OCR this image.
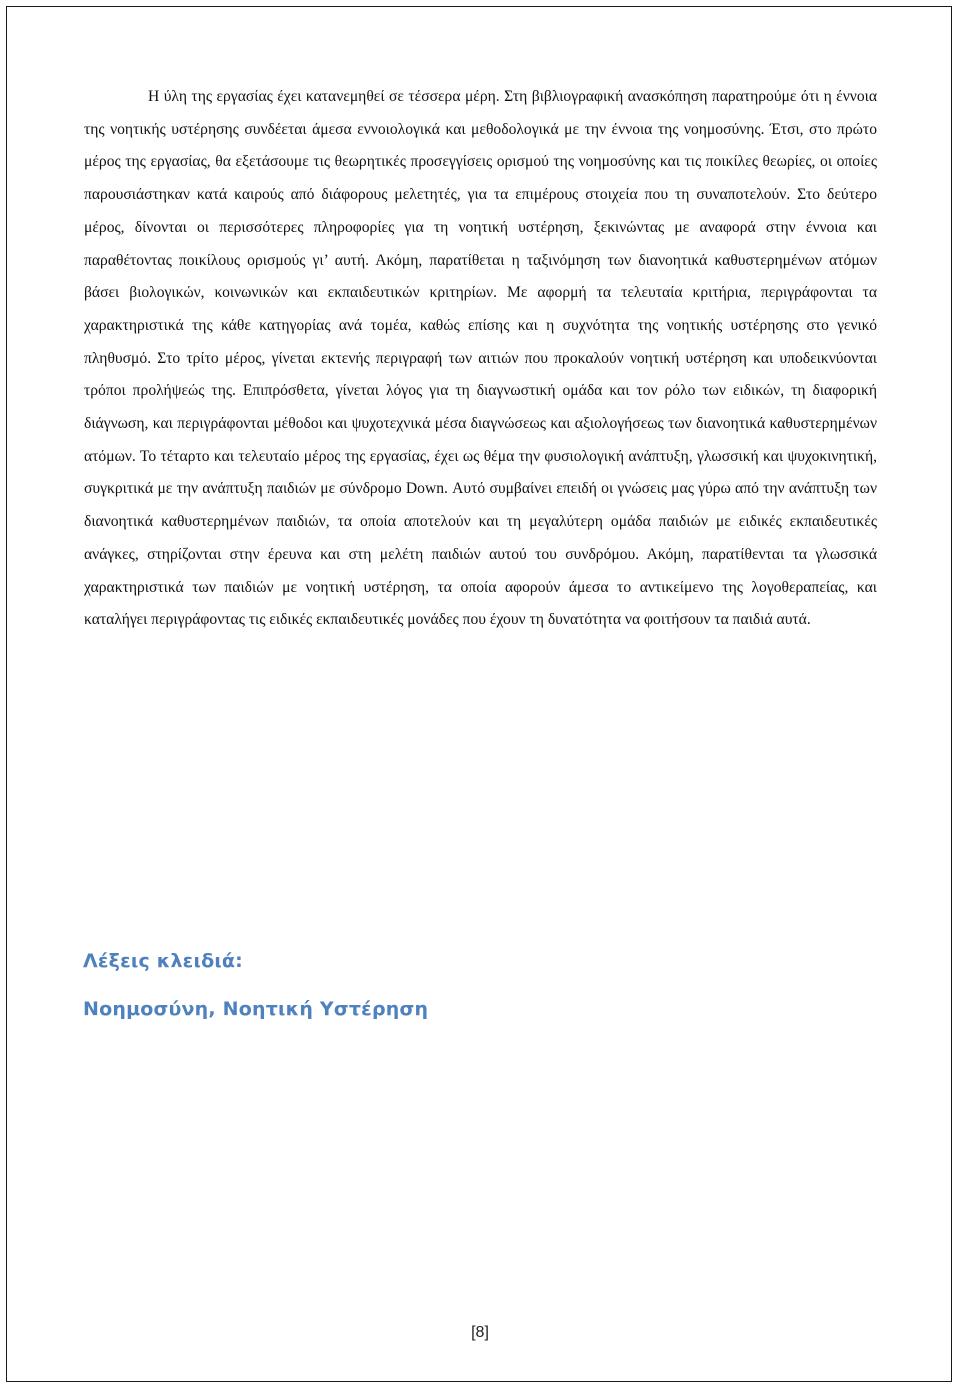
Η ύλη της εργασίας έχει κατανεμηθεί σε τέσσερα μέρη. Στη βιβλιογραφική ανασκόπηση παρατηρούμε ότι η έννοια της νοητικής υστέρησης συνδέεται άμεσα εννοιολογικά και μεθοδολογικά με την έννοια της νοημοσύνης. Έτσι, στο πρώτο μέρος της εργασίας, θα εξετάσουμε τις θεωρητικές προσεγγίσεις ορισμού της νοημοσύνης και τις ποικίλες θεωρίες, οι οποίες παρουσιάστηκαν κατά καιρούς από διάφορους μελετητές, για τα επιμέρους στοιχεία που τη συναποτελούν. Στο δεύτερο μέρος, δίνονται οι περισσότερες πληροφορίες για τη νοητική υστέρηση, ξεκινώντας με αναφορά στην έννοια και παραθέτοντας ποικίλους ορισμούς γι’ αυτή. Ακόμη, παρατίθεται η ταξινόμηση των διανοητικά καθυστερημένων ατόμων βάσει βιολογικών, κοινωνικών και εκπαιδευτικών κριτηρίων. Με αφορμή τα τελευταία κριτήρια, περιγράφονται τα χαρακτηριστικά της κάθε κατηγορίας ανά τομέα, καθώς επίσης και η συχνότητα της νοητικής υστέρησης στο γενικό πληθυσμό. Στο τρίτο μέρος, γίνεται εκτενής περιγραφή των αιτιών που προκαλούν νοητική υστέρηση και υποδεικνύονται τρόποι προλήψεώς της. Επιπρόσθετα, γίνεται λόγος για τη διαγνωστική ομάδα και τον ρόλο των ειδικών, τη διαφορική διάγνωση, και περιγράφονται μέθοδοι και ψυχοτεχνικά μέσα διαγνώσεως και αξιολογήσεως των διανοητικά καθυστερημένων ατόμων. Το τέταρτο και τελευταίο μέρος της εργασίας, έχει ως θέμα την φυσιολογική ανάπτυξη, γλωσσική και ψυχοκινητική, συγκριτικά με την ανάπτυξη παιδιών με σύνδρομο Down. Αυτό συμβαίνει επειδή οι γνώσεις μας γύρω από την ανάπτυξη των διανοητικά καθυστερημένων παιδιών, τα οποία αποτελούν και τη μεγαλύτερη ομάδα παιδιών με ειδικές εκπαιδευτικές ανάγκες, στηρίζονται στην έρευνα και στη μελέτη παιδιών αυτού του συνδρόμου. Ακόμη, παρατίθενται τα γλωσσικά χαρακτηριστικά των παιδιών με νοητική υστέρηση, τα οποία αφορούν άμεσα το αντικείμενο της λογοθεραπείας, και καταλήγει περιγράφοντας τις ειδικές εκπαιδευτικές μονάδες που έχουν τη δυνατότητα να φοιτήσουν τα παιδιά αυτά.

Λέξεις κλειδιά:
Νοημοσύνη, Νοητική Υστέρηση
[8]
